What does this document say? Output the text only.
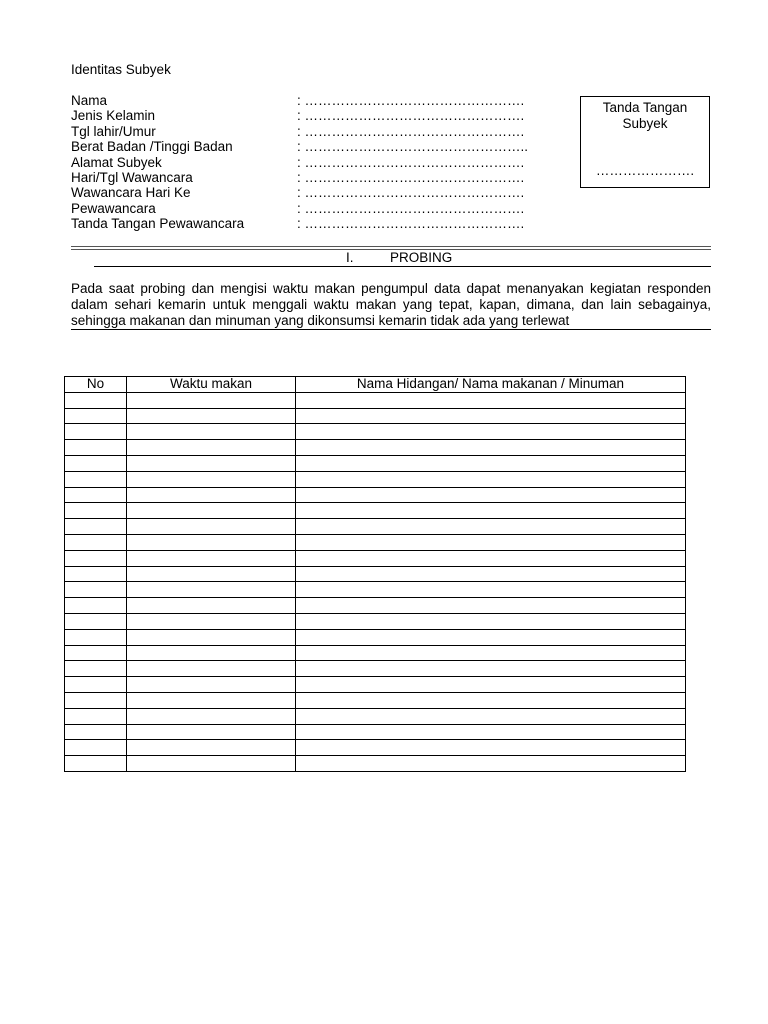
Identitas Subyek
Nama	: ………………………………………….
Jenis Kelamin	: ………………………………………….
Tgl lahir/Umur	: ………………………………………….
Berat Badan /Tinggi Badan	: …………………………………………..
Alamat Subyek	: ………………………………………….
Hari/Tgl Wawancara	: ………………………………………….
Wawancara Hari Ke	: ………………………………………….
Pewawancara	: ………………………………………….
Tanda Tangan Pewawancara	: ………………………………………….
Tanda Tangan
Subyek
………………….
I.	PROBING
Pada saat probing dan mengisi waktu makan pengumpul data dapat menanyakan kegiatan responden dalam sehari kemarin untuk menggali waktu makan yang tepat, kapan, dimana, dan lain sebagainya, sehingga makanan dan minuman yang dikonsumsi kemarin tidak ada yang terlewat
No	Waktu makan	Nama Hidangan/ Nama makanan / Minuman
